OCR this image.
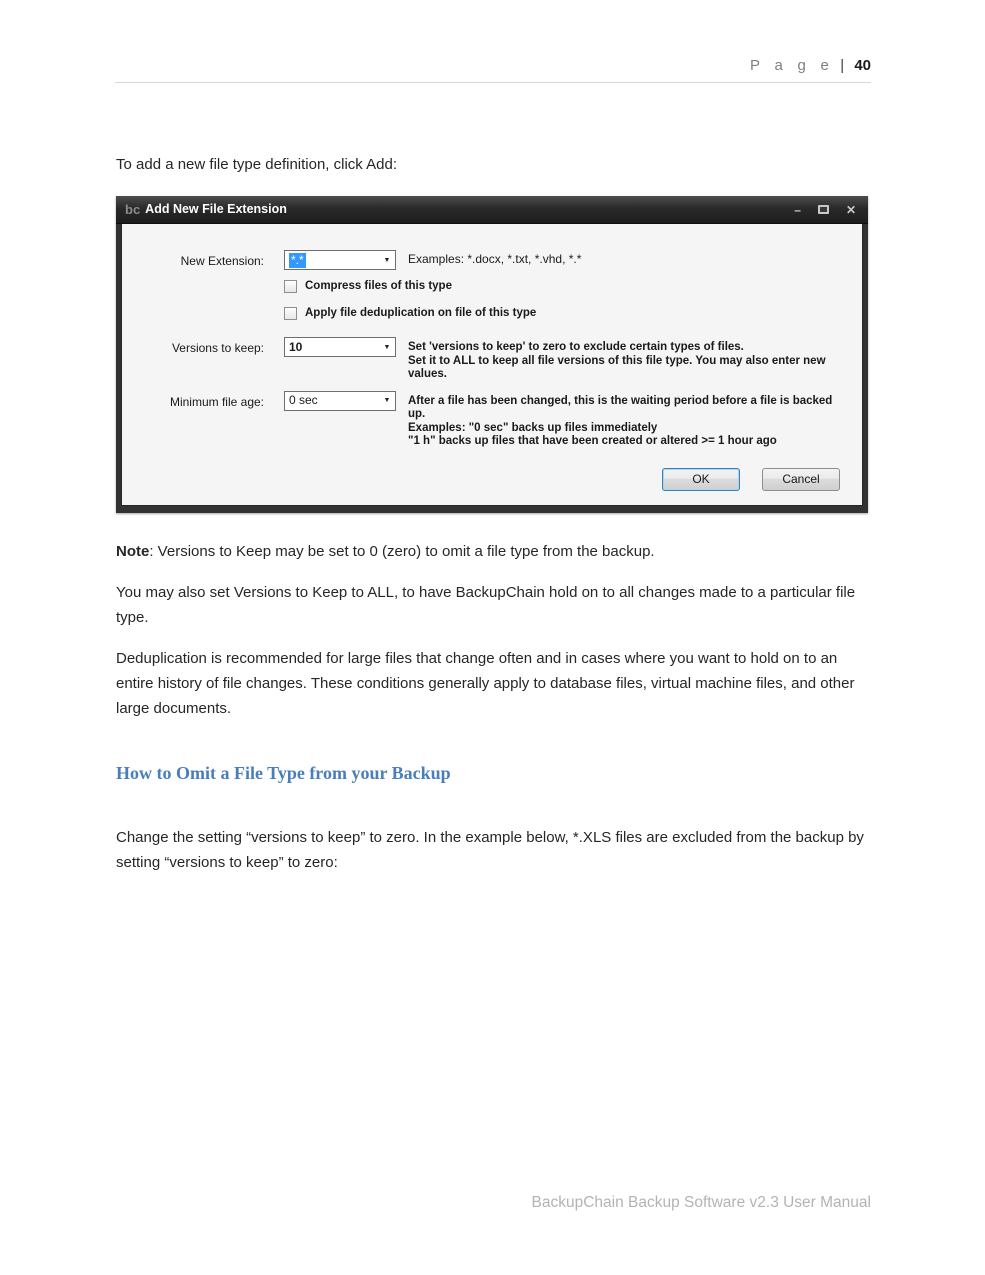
P a g e | 40

To add a new file type definition, click Add:

bc Add New File Extension	–	✕
New Extension: *.*	▼	Examples: *.docx, *.txt, *.vhd, *.*
Compress files of this type
Apply file deduplication on file of this type
Versions to keep: 10	▼	Set 'versions to keep' to zero to exclude certain types of files.
Set it to ALL to keep all file versions of this file type. You may also enter new values.
Minimum file age: 0 sec	▼	After a file has been changed, this is the waiting period before a file is backed up.
Examples: "0 sec" backs up files immediately
"1 h" backs up files that have been created or altered >= 1 hour ago
OK	Cancel

Note: Versions to Keep may be set to 0 (zero) to omit a file type from the backup.

You may also set Versions to Keep to ALL, to have BackupChain hold on to all changes made to a particular file type.

Deduplication is recommended for large files that change often and in cases where you want to hold on to an entire history of file changes. These conditions generally apply to database files, virtual machine files, and other large documents.

How to Omit a File Type from your Backup

Change the setting “versions to keep” to zero. In the example below, *.XLS files are excluded from the backup by setting “versions to keep” to zero:

BackupChain Backup Software v2.3 User Manual
